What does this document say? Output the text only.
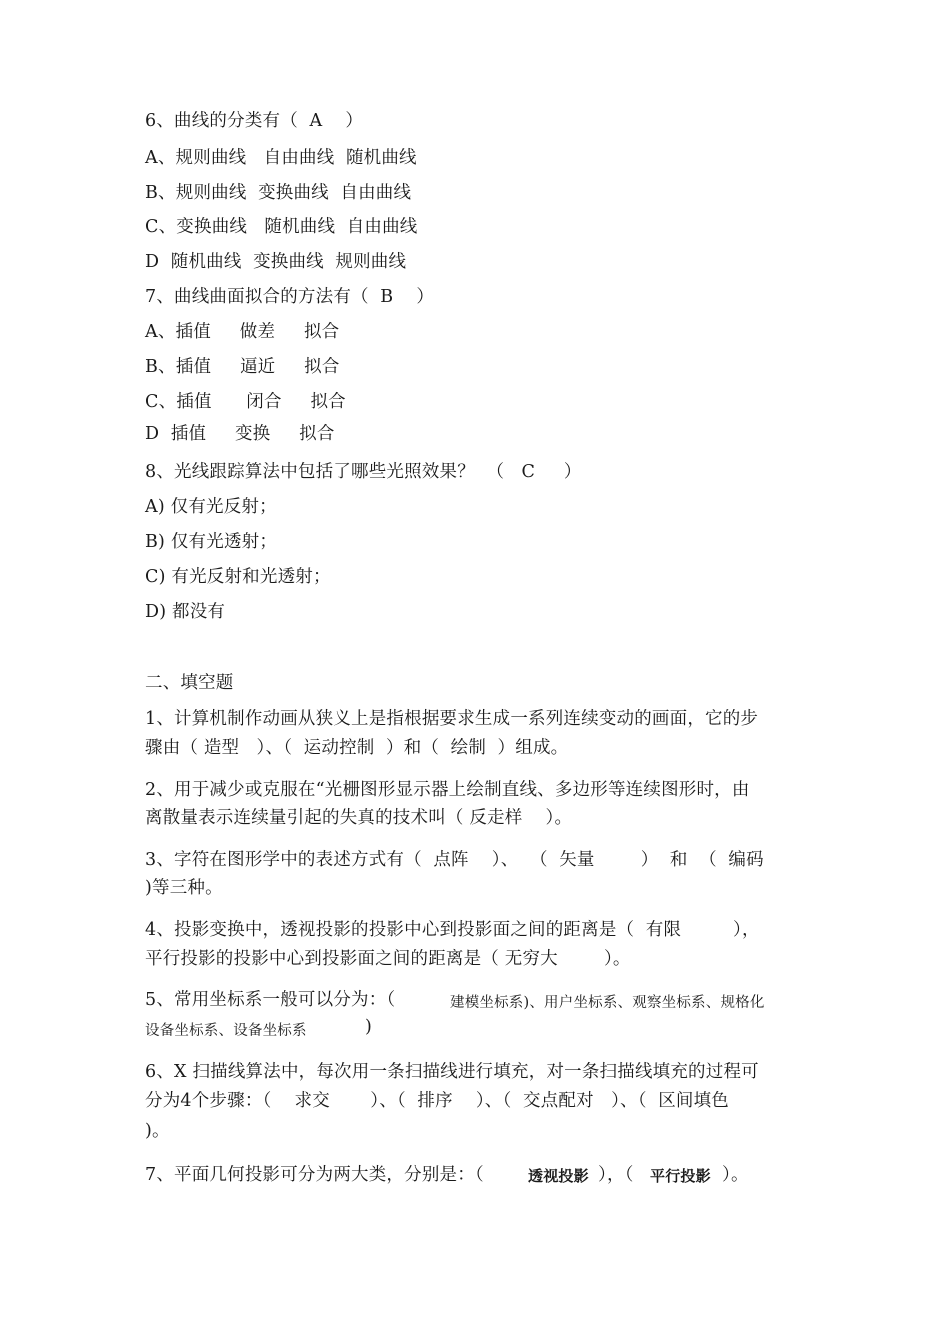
6、曲线的分类有（  A    ）
A、规则曲线   自由曲线  随机曲线
B、规则曲线  变换曲线  自由曲线
C、变换曲线   随机曲线  自由曲线
D  随机曲线  变换曲线  规则曲线
7、曲线曲面拟合的方法有（  B    ）
A、插值     做差     拟合
B、插值     逼近     拟合
C、插值      闭合     拟合
D  插值     变换     拟合
8、光线跟踪算法中包括了哪些光照效果？  （   C     ）
A) 仅有光反射；
B) 仅有光透射；
C) 有光反射和光透射；
D) 都没有
二、填空题
1、计算机制作动画从狭义上是指根据要求生成一系列连续变动的画面，它的步
骤由（ 造型   ）、（  运动控制  ）和（  绘制  ）组成。
2、用于减少或克服在“光栅图形显示器上绘制直线、多边形等连续图形时，由
离散量表示连续量引起的失真的技术叫（ 反走样    ）。
3、字符在图形学中的表述方式有（  点阵    ）、  （  矢量        ）  和  （  编码
)等三种。
4、投影变换中，透视投影的投影中心到投影面之间的距离是（  有限         ），
平行投影的投影中心到投影面之间的距离是（ 无穷大        ）。
5、常用坐标系一般可以分为：（	建模坐标系)、用户坐标系、观察坐标系、规格化
设备坐标系、设备坐标系	)
6、X 扫描线算法中，每次用一条扫描线进行填充，对一条扫描线填充的过程可
分为4个步骤：（    求交       ）、（  排序    ）、（  交点配对   ）、（  区间填色
)。
7、平面几何投影可分为两大类，分别是：（	透视投影 ），（ 平行投影 ）。
